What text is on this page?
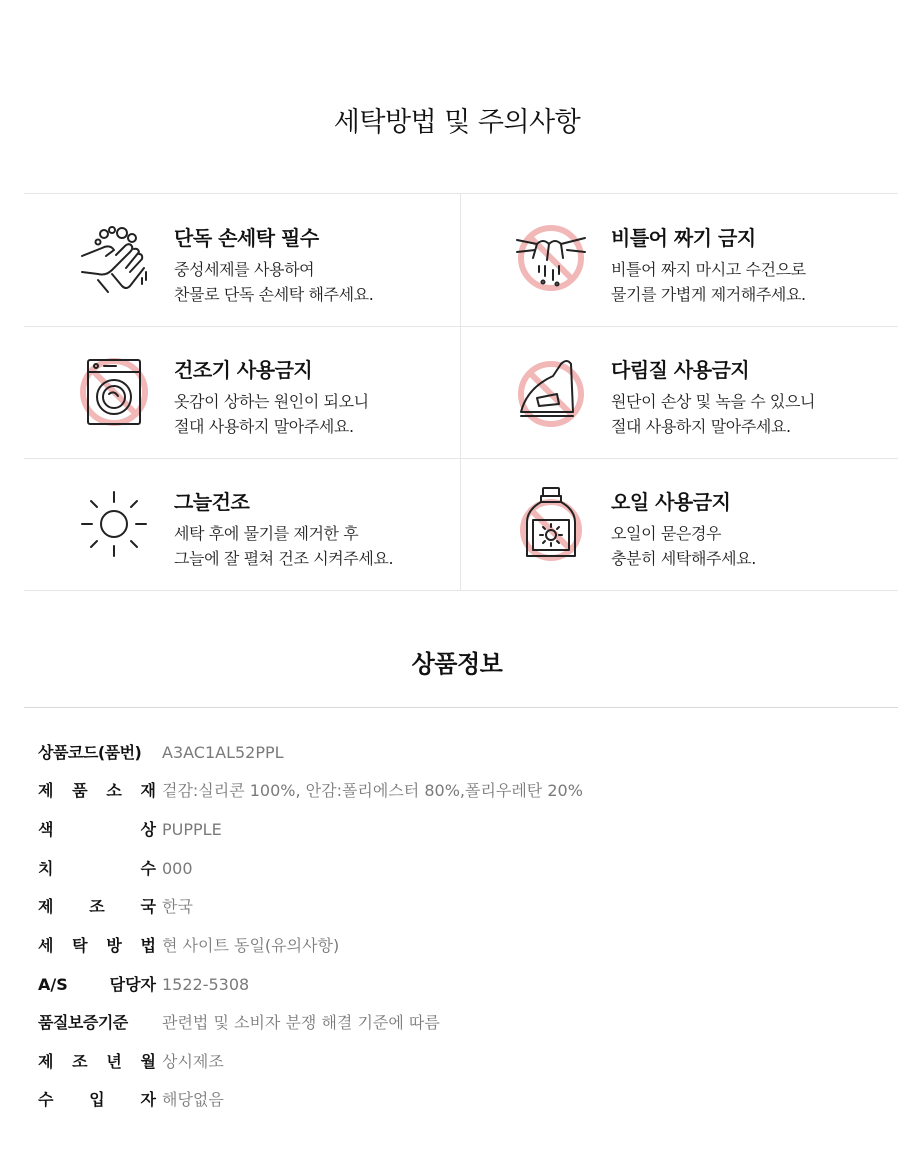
세탁방법 및 주의사항
단독 손세탁 필수
중성세제를 사용하여
찬물로 단독 손세탁 해주세요.
비틀어 짜기 금지
비틀어 짜지 마시고 수건으로
물기를 가볍게 제거해주세요.
건조기 사용금지
옷감이 상하는 원인이 되오니
절대 사용하지 말아주세요.
다림질 사용금지
원단이 손상 및 녹을 수 있으니
절대 사용하지 말아주세요.
그늘건조
세탁 후에 물기를 제거한 후
그늘에 잘 펼쳐 건조 시켜주세요.
오일 사용금지
오일이 묻은경우
충분히 세탁해주세요.
상품정보
상품코드(품번)	A3AC1AL52PPL
제 품 소 재 겉감:실리콘 100%, 안감:폴리에스터 80%,폴리우레탄 20%
색	상 PUPPLE
치	수 000
제 조 국 한국
세 탁 방 법 현 사이트 동일(유의사항)
A/S	담당자 1522-5308
품질보증기준	관련법 및 소비자 분쟁 해결 기준에 따름
제 조 년 월 상시제조
수 입 자 해당없음
